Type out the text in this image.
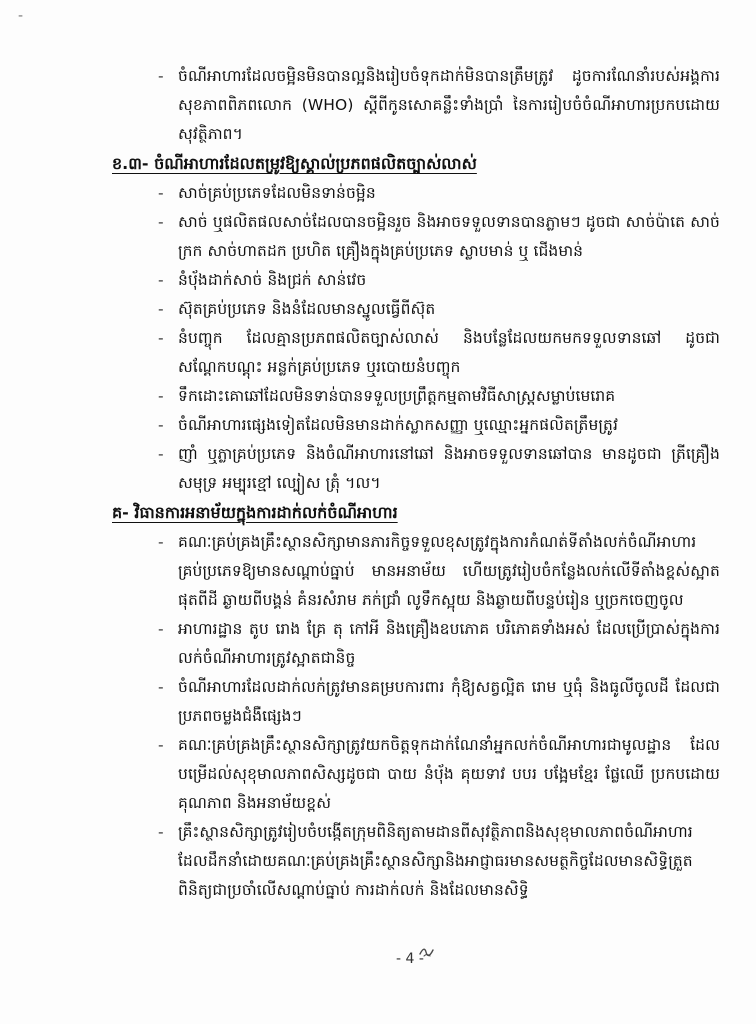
-
- ចំណីអាហារដែលចម្អិនមិនបានល្អនិងរៀបចំទុកដាក់មិនបានត្រឹមត្រូវ ដូចការណែនាំរបស់អង្គការសុខភាពពិភពលោក (WHO) ស្តីពីកូនសោគន្លឹះទាំងប្រាំ នៃការរៀបចំចំណីអាហារប្រកបដោយសុវត្ថិភាព។
ខ.៣- ចំណីអាហារដែលតម្រូវឱ្យស្គាល់ប្រភពផលិតច្បាស់លាស់
- សាច់គ្រប់ប្រភេទដែលមិនទាន់ចម្អិន
- សាច់ ឬផលិតផលសាច់ដែលបានចម្អិនរួច និងអាចទទួលទានបានភ្លាមៗ ដូចជា សាច់ប៉ាតេ សាច់ក្រក សាច់ហាតដក ប្រហិត គ្រឿងក្នុងគ្រប់ប្រភេទ ស្លាបមាន់ ឬ ជើងមាន់
- នំប៉័ងដាក់សាច់ និងជ្រក់ សាន់វេច
- ស៊ុតគ្រប់ប្រភេទ និងនំដែលមានស្នូលធ្វើពីស៊ុត
- នំបញ្ចុក ដែលគ្មានប្រភពផលិតច្បាស់លាស់ និងបន្លែដែលយកមកទទួលទានឆៅ ដូចជា សណ្តែកបណ្តុះ អន្លក់គ្រប់ប្រភេទ ឬរបោយនំបញ្ចុក
- ទឹកដោះគោឆៅដែលមិនទាន់បានទទួលប្រព្រឹត្តកម្មតាមវិធីសាស្ត្រសម្លាប់មេរោគ
- ចំណីអាហារផ្សេងទៀតដែលមិនមានដាក់ស្លាកសញ្ញា ឬឈ្មោះអ្នកផលិតត្រឹមត្រូវ
- ញាំ ឬភ្លាគ្រប់ប្រភេទ និងចំណីអាហារនៅឆៅ និងអាចទទួលទានឆៅបាន មានដូចជា ត្រីគ្រឿងសមុទ្រ អម្បុរខ្មៅ ល្បៀស ត្រុំ ។ល។
គ- វិធានការអនាម័យក្នុងការដាក់លក់ចំណីអាហារ
- គណៈគ្រប់គ្រងគ្រឹះស្ថានសិក្សាមានភារកិច្ចទទួលខុសត្រូវក្នុងការកំណត់ទីតាំងលក់ចំណីអាហារគ្រប់ប្រភេទឱ្យមានសណ្តាប់ធ្នាប់ មានអនាម័យ ហើយត្រូវរៀបចំកន្លែងលក់លើទីតាំងខ្ពស់ស្អាត ផុតពីដី ឆ្ងាយពីបង្គន់ គំនរសំរាម ភក់ជ្រាំ លូទឹកស្អុយ និងឆ្ងាយពីបន្ទប់រៀន ឬច្រកចេញចូល
- អាហារដ្ឋាន តូប រោង គ្រែ តុ កៅអី និងគ្រឿងឧបភោគ បរិភោគទាំងអស់ ដែលប្រើប្រាស់ក្នុងការលក់ចំណីអាហារត្រូវស្អាតជានិច្ច
- ចំណីអាហារដែលដាក់លក់ត្រូវមានគម្របការពារ កុំឱ្យសត្វល្អិត រោម ឬធុំ និងធូលីចូលដី ដែលជាប្រភពចម្លងជំងឺផ្សេងៗ
- គណៈគ្រប់គ្រងគ្រឹះស្ថានសិក្សាត្រូវយកចិត្តទុកដាក់ណែនាំអ្នកលក់ចំណីអាហារជាមូលដ្ឋាន ដែលបម្រើដល់សុខុមាលភាពសិស្សដូចជា បាយ នំបុ័ង គុយទាវ បបរ បង្អែមខ្មែរ ផ្លែឈើ ប្រកបដោយគុណភាព និងអនាម័យខ្ពស់
- គ្រឹះស្ថានសិក្សាត្រូវរៀបចំបង្កើតក្រុមពិនិត្យតាមដានពីសុវត្ថិភាពនិងសុខុមាលភាពចំណីអាហារ ដែលដឹកនាំដោយគណៈគ្រប់គ្រងគ្រឹះស្ថានសិក្សានិងអាជ្ញាធរមានសមត្ថកិច្ចដែលមានសិទ្ធិត្រួតពិនិត្យជាប្រចាំលើសណ្តាប់ធ្នាប់ ការដាក់លក់ និងដែលមានសិទ្ធិ
- 4 -
